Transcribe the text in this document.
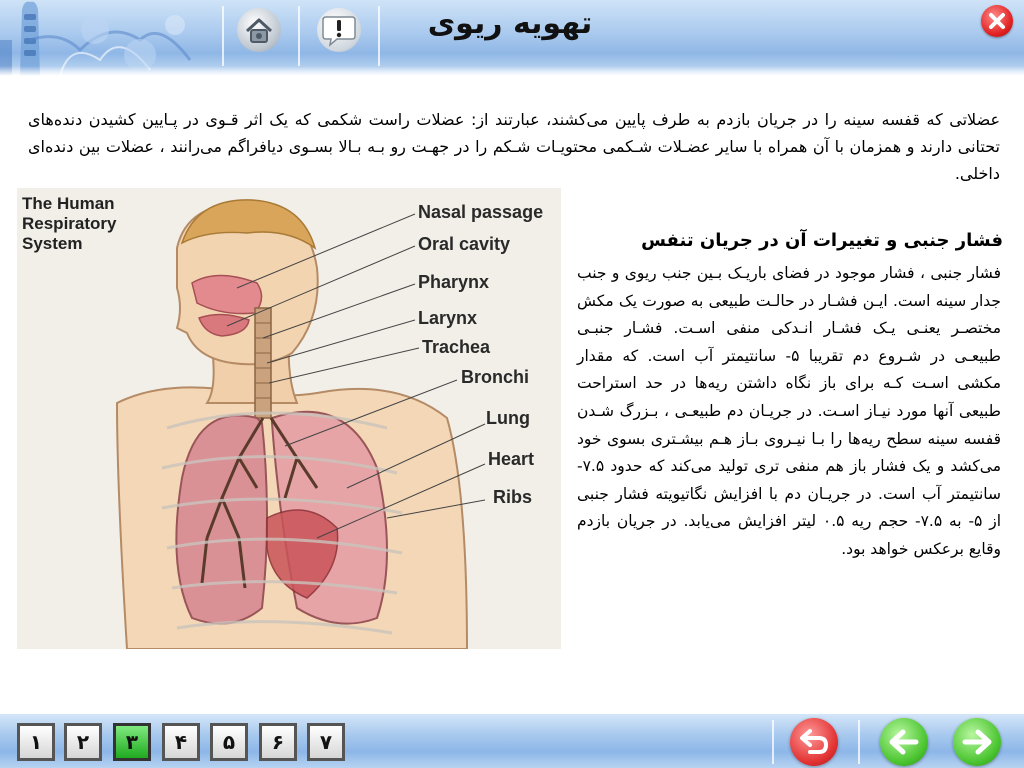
تهویه ریوی

عضلاتی که قفسه سینه را در جریان بازدم به طرف پایین می‌کشند، عبارتند از: عضلات راست شکمی که یک اثر قـوی در پـایین کشیدن دنده‌های تحتانی دارند و همزمان با آن همراه با سایر عضـلات شـکمی محتویـات شـکم را در جهـت رو بـه بـالا بسـوی دیافراگم می‌رانند ، عضلات بین دنده‌ای داخلی.

The Human
Respiratory
System
Nasal passage
Oral cavity
Pharynx
Larynx
Trachea
Bronchi
Lung
Heart
Ribs
فشار جنبی و تغییرات آن در جریان تنفس

فشار جنبی ، فشار موجود در فضای باریـک بـین جنب ریوی و جنب جدار سینه است. ایـن فشـار در حالـت طبیعی به صورت یک مکش مختصـر یعنـی یـک فشـار انـدکی منفی اسـت. فشـار جنبـی طبیعـی در شـروع دم تقریبا ۵- سانتیمتر آب است. که مقدار مکشی اسـت کـه برای باز نگاه داشتن ریه‌ها در حد استراحت طبیعی آنها مورد نیـاز اسـت. در جریـان دم طبیعـی ، بـزرگ شـدن قفسه سینه سطح ریه‌ها را بـا نیـروی بـاز هـم بیشـتری بسوی خود می‌کشد و یک فشار باز هم منفی تری تولید می‌کند که حدود ۷.۵- سانتیمتر آب است. در جریـان دم با افزایش نگاتیویته فشار جنبی از ۵- به ۷.۵- حجم ریه ۰.۵ لیتر افزایش می‌یابد. در جریان بازدم وقایع برعکس خواهد بود.

۱	۲	۳	۴	۵	۶	۷
